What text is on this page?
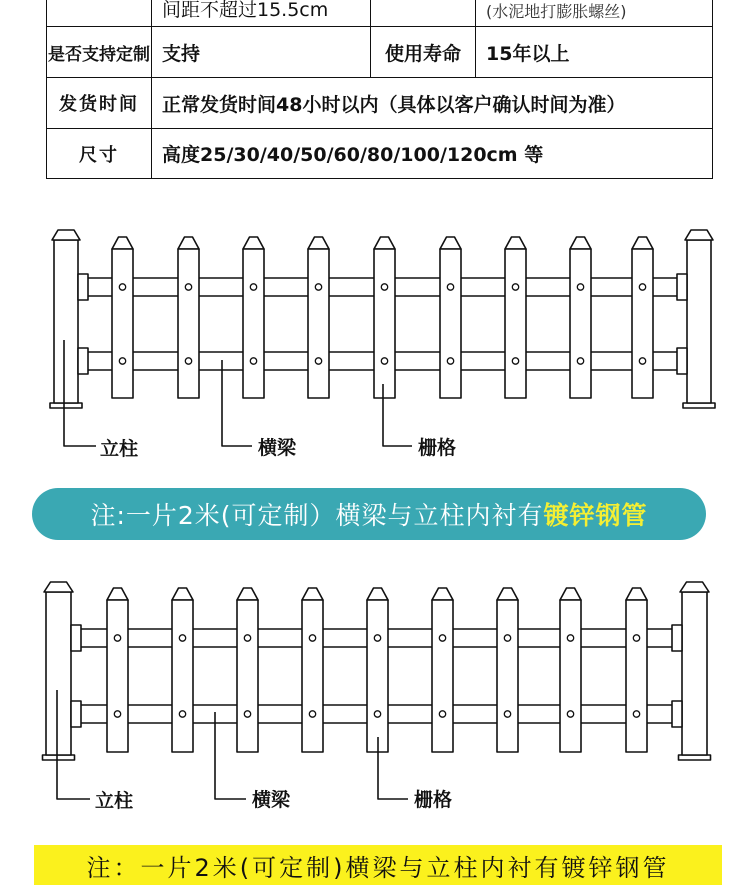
	间距不超过15.5cm		(水泥地打膨胀螺丝)
是否支持定制	支持	使用寿命	15年以上
发货时间	正常发货时间48小时以内（具体以客户确认时间为准）		
尺寸	高度25/30/40/50/60/80/100/120cm 等		
立柱	横梁	栅格
注:一片2米(可定制）横梁与立柱内衬有 镀锌钢管
立柱	横梁	栅格
注：一片2米(可定制)横梁与立柱内衬有镀锌钢管
